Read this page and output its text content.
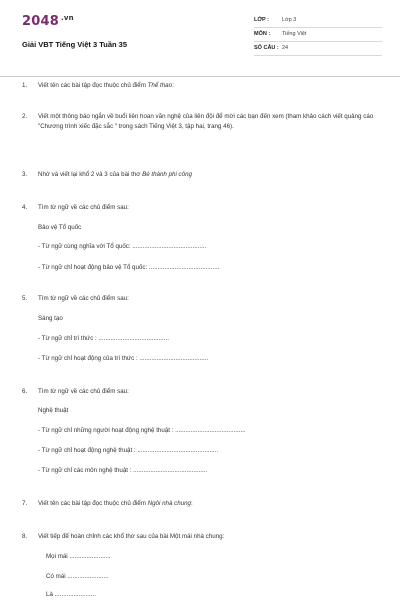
2048 .vn
Giải VBT Tiếng Việt 3 Tuần 35
LỚP :	Lớp 3
MÔN :	Tiếng Việt
SỐ CÂU : 24
1. Viết tên các bài tập đọc thuộc chủ điểm Thể thao:
2. Viết một thông báo ngắn về buổi liên hoan văn nghệ của liên đội để mời các bạn đến xem (tham khảo cách viết quảng cáo "Chương trình xiếc đặc sắc " trong sách Tiếng Việt 3, tập hai, trang 46).
3. Nhớ và viết lại khổ 2 và 3 của bài thơ Bé thành phi công
4. Tìm từ ngữ về các chủ điểm sau:
Bảo vệ Tổ quốc
- Từ ngữ cùng nghĩa với Tổ quốc: ...........................................
- Từ ngữ chỉ hoạt động bảo vệ Tổ quốc: .........................................
5. Tìm từ ngữ về các chủ điểm sau:
Sáng tạo
- Từ ngữ chỉ trí thức : .........................................
- Từ ngữ chỉ hoạt động của trí thức : ........................................
6. Tìm từ ngữ về các chủ điểm sau:
Nghệ thuật
- Từ ngữ chỉ những người hoạt động nghệ thuật : .........................................
- Từ ngữ chỉ hoạt động nghệ thuật : ...............................................
- Từ ngữ chỉ các môn nghệ thuật : ...........................................
7. Viết tên các bài tập đọc thuộc chủ điểm Ngôi nhà chung:
8. Viết tiếp để hoàn chỉnh các khổ thơ sau của bài Một mái nhà chung:
Mọi mái ........................
Có mái ........................
Là ........................
